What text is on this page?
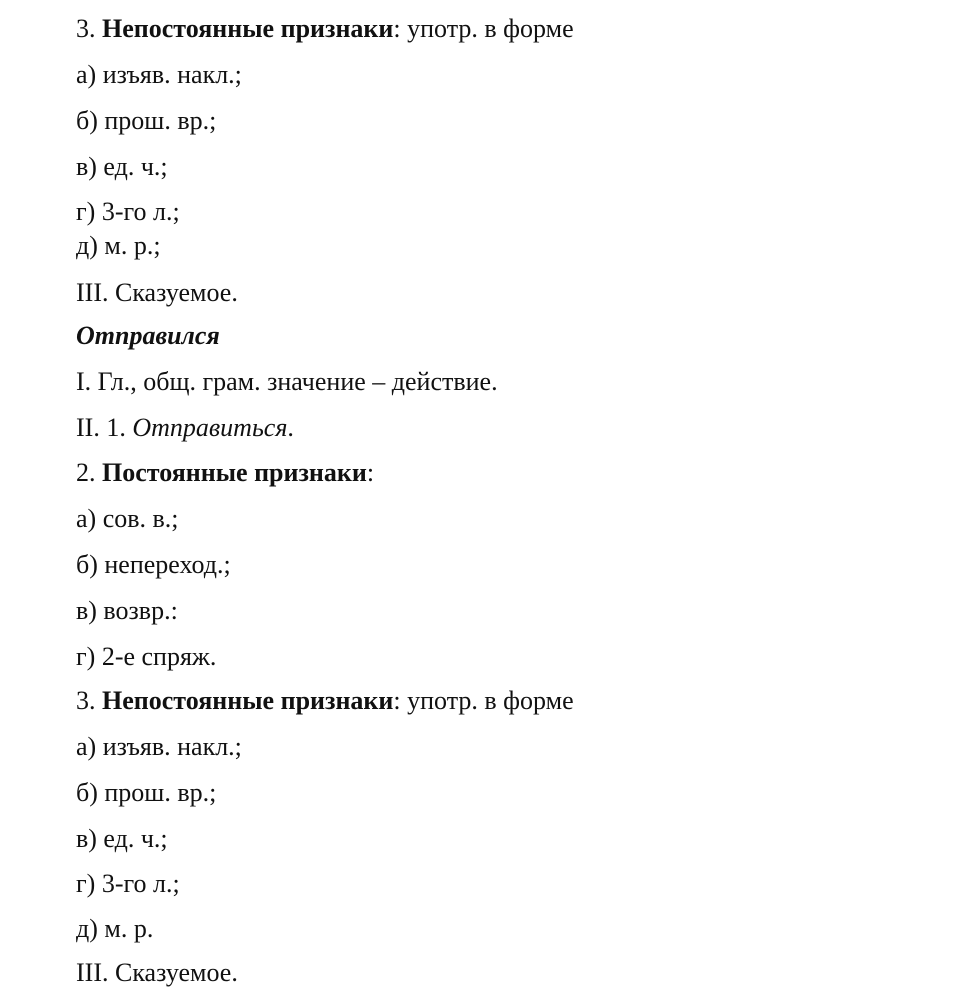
3. Непостоянные признаки: употр. в форме
а) изъяв. накл.;
б) прош. вр.;
в) ед. ч.;
г) 3-го л.;
д) м. р.;
III. Сказуемое.
Отправился
I. Гл., общ. грам. значение – действие.
II. 1. Отправиться.
2. Постоянные признаки:
а) сов. в.;
б) непереход.;
в) возвр.:
г) 2-е спряж.
3. Непостоянные признаки: употр. в форме
а) изъяв. накл.;
б) прош. вр.;
в) ед. ч.;
г) 3-го л.;
д) м. р.
III. Сказуемое.
